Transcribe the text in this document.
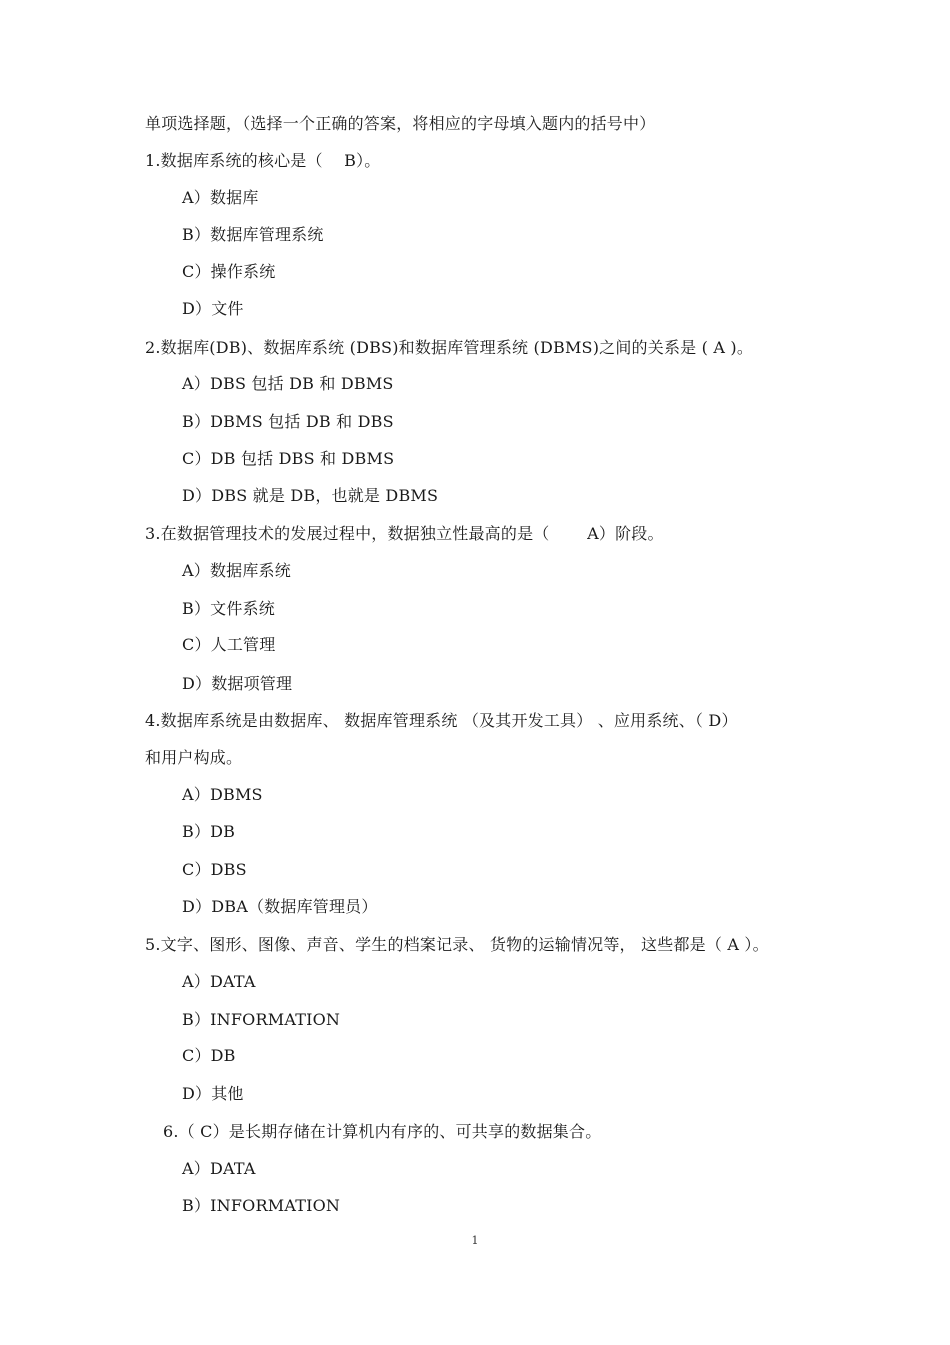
单项选择题，（选择一个正确的答案，将相应的字母填入题内的括号中）
1.数据库系统的核心是（　 B）。
A）数据库
B）数据库管理系统
C）操作系统
D）文件
2.数据库(DB)、数据库系统 (DBS)和数据库管理系统 (DBMS)之间的关系是 ( A )。
A）DBS 包括 DB 和 DBMS
B）DBMS 包括 DB 和 DBS
C）DB 包括 DBS 和 DBMS
D）DBS 就是 DB，也就是 DBMS
3.在数据管理技术的发展过程中，数据独立性最高的是（　　 A）阶段。
A）数据库系统
B）文件系统
C）人工管理
D）数据项管理
4.数据库系统是由数据库、 数据库管理系统 （及其开发工具） 、应用系统、（ D）
和用户构成。
A）DBMS
B）DB
C）DBS
D）DBA（数据库管理员）
5.文字、图形、图像、声音、学生的档案记录、 货物的运输情况等， 这些都是（ A ）。
A）DATA
B）INFORMATION
C）DB
D）其他
6.（ C）是长期存储在计算机内有序的、可共享的数据集合。
A）DATA
B）INFORMATION
1
